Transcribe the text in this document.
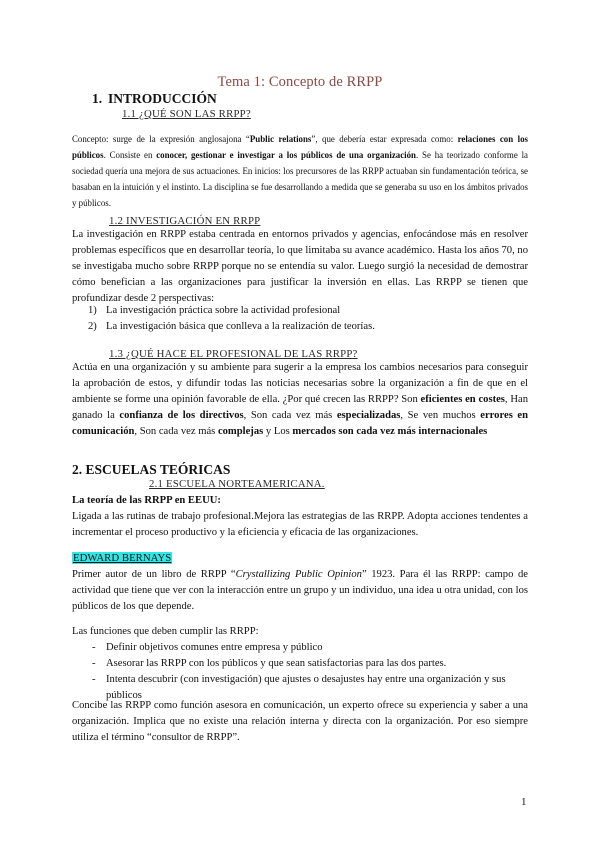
Tema 1: Concepto de RRPP
1. INTRODUCCIÓN
1.1 ¿QUÉ SON LAS RRPP?
Concepto: surge de la expresión anglosajona “Public relations”, que debería estar expresada como: relaciones con los públicos. Consiste en conocer, gestionar e investigar a los públicos de una organización. Se ha teorizado conforme la sociedad quería una mejora de sus actuaciones. En inicios: los precursores de las RRPP actuaban sin fundamentación teórica, se basaban en la intuición y el instinto. La disciplina se fue desarrollando a medida que se generaba su uso en los ámbitos privados y públicos.
1.2 INVESTIGACIÓN EN RRPP
La investigación en RRPP estaba centrada en entornos privados y agencias, enfocándose más en resolver problemas específicos que en desarrollar teoría, lo que limitaba su avance académico. Hasta los años 70, no se investigaba mucho sobre RRPP porque no se entendía su valor. Luego surgió la necesidad de demostrar cómo benefician a las organizaciones para justificar la inversión en ellas. Las RRPP se tienen que profundizar desde 2 perspectivas:
1) La investigación práctica sobre la actividad profesional
2) La investigación básica que conlleva a la realización de teorías.
1.3 ¿QUÉ HACE EL PROFESIONAL DE LAS RRPP?
Actúa en una organización y su ambiente para sugerir a la empresa los cambios necesarios para conseguir la aprobación de estos, y difundir todas las noticias necesarias sobre la organización a fin de que en el ambiente se forme una opinión favorable de ella. ¿Por qué crecen las RRPP? Son eficientes en costes, Han ganado la confianza de los directivos, Son cada vez más especializadas, Se ven muchos errores en comunicación, Son cada vez más complejas y Los mercados son cada vez más internacionales
2. ESCUELAS TEÓRICAS
2.1 ESCUELA NORTEAMERICANA.
La teoría de las RRPP en EEUU:
Ligada a las rutinas de trabajo profesional.Mejora las estrategias de las RRPP. Adopta acciones tendentes a incrementar el proceso productivo y la eficiencia y eficacia de las organizaciones.
EDWARD BERNAYS
Primer autor de un libro de RRPP “Crystallizing Public Opinion” 1923. Para él las RRPP: campo de actividad que tiene que ver con la interacción entre un grupo y un individuo, una idea u otra unidad, con los públicos de los que depende.
Las funciones que deben cumplir las RRPP:
- Definir objetivos comunes entre empresa y público
- Asesorar las RRPP con los públicos y que sean satisfactorias para las dos partes.
- Intenta descubrir (con investigación) que ajustes o desajustes hay entre una organización y sus públicos
Concibe las RRPP como función asesora en comunicación, un experto ofrece su experiencia y saber a una organización. Implica que no existe una relación interna y directa con la organización. Por eso siempre utiliza el término “consultor de RRPP”.
1
